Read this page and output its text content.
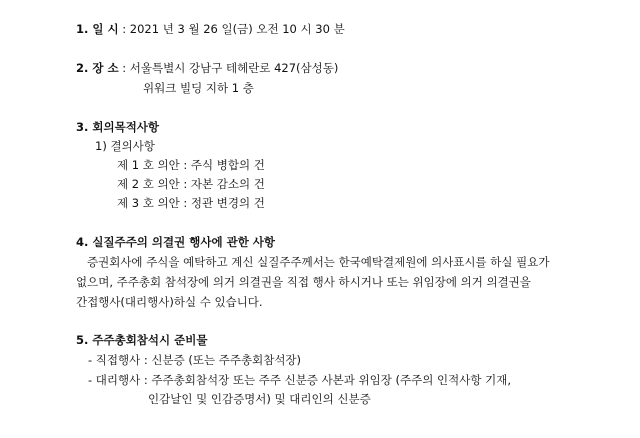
1. 일 시 : 2021 년 3 월 26 일(금) 오전 10 시 30 분
2. 장 소 : 서울특별시 강남구 테헤란로 427(삼성동)
위워크 빌딩 지하 1 층
3. 회의목적사항
1) 결의사항
제 1 호 의안 : 주식 병합의 건
제 2 호 의안 : 자본 감소의 건
제 3 호 의안 : 정관 변경의 건
4. 실질주주의 의결권 행사에 관한 사항
증권회사에 주식을 예탁하고 계신 실질주주께서는 한국예탁결제원에 의사표시를 하실 필요가
없으며, 주주총회 참석장에 의거 의결권을 직접 행사 하시거나 또는 위임장에 의거 의결권을
간접행사(대리행사)하실 수 있습니다.
5. 주주총회참석시 준비물
- 직접행사 : 신분증 (또는 주주총회참석장)
- 대리행사 : 주주총회참석장 또는 주주 신분증 사본과 위임장 (주주의 인적사항 기재,
인감날인 및 인감증명서) 및 대리인의 신분증
